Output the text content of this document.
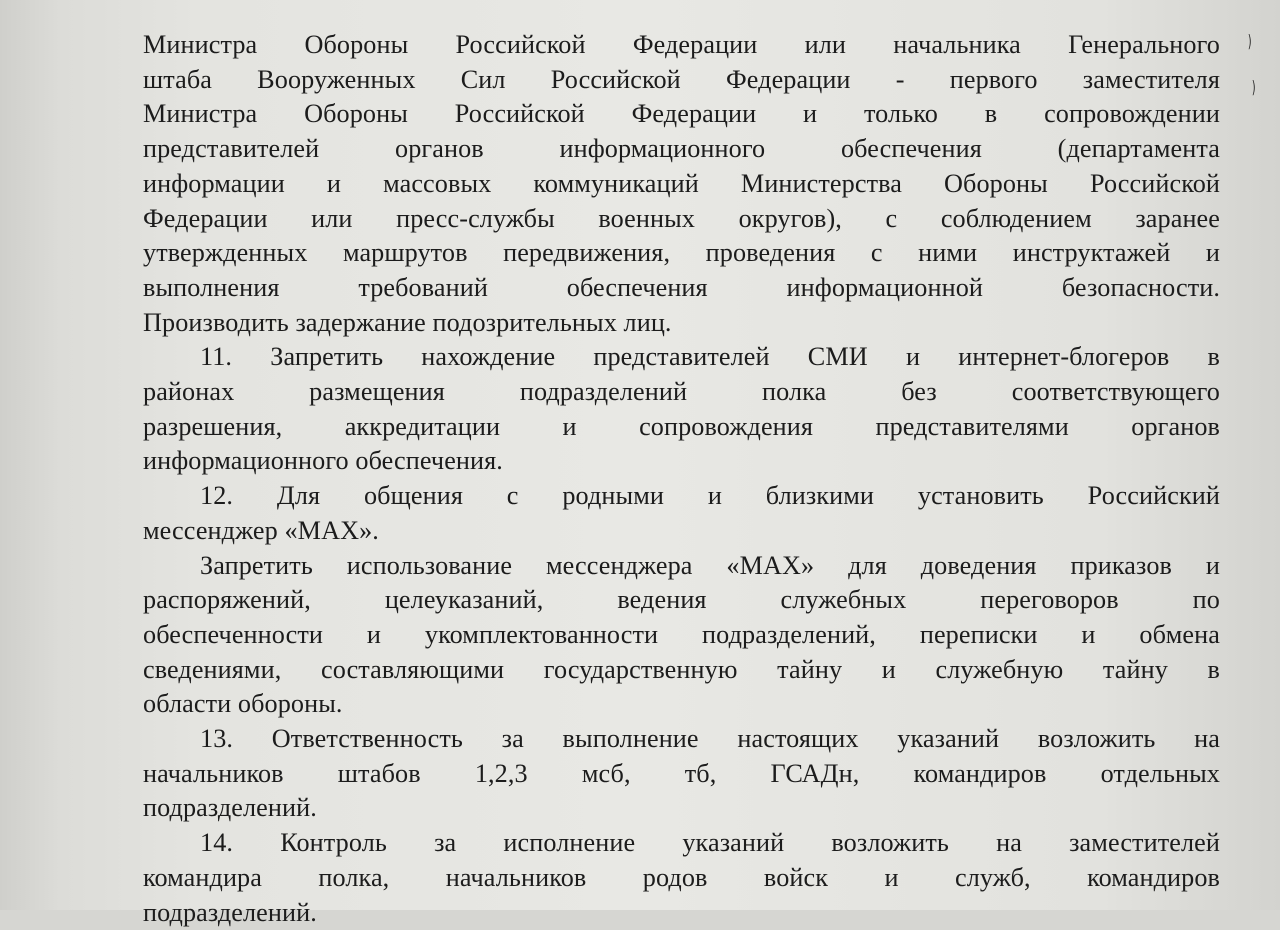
Министра Обороны Российской Федерации или начальника Генерального

штаба Вооруженных Сил Российской Федерации - первого заместителя

Министра Обороны Российской Федерации и только в сопровождении

представителей органов информационного обеспечения (департамента

информации и массовых коммуникаций Министерства Обороны Российской

Федерации или пресс-службы военных округов), с соблюдением заранее

утвержденных маршрутов передвижения, проведения с ними инструктажей и

выполнения требований обеспечения информационной безопасности.

Производить задержание подозрительных лиц.

11. Запретить нахождение представителей СМИ и интернет-блогеров в

районах размещения подразделений полка без соответствующего

разрешения, аккредитации и сопровождения представителями органов

информационного обеспечения.

12. Для общения с родными и близкими установить Российский

мессенджер «MAX».

Запретить использование мессенджера «MAX» для доведения приказов и

распоряжений, целеуказаний, ведения служебных переговоров по

обеспеченности и укомплектованности подразделений, переписки и обмена

сведениями, составляющими государственную тайну и служебную тайну в

области обороны.

13. Ответственность за выполнение настоящих указаний возложить на

начальников штабов 1,2,3 мсб, тб, ГСАДн, командиров отдельных

подразделений.

14. Контроль за исполнение указаний возложить на заместителей

командира полка, начальников родов войск и служб, командиров

подразделений.

⁾
⁾
